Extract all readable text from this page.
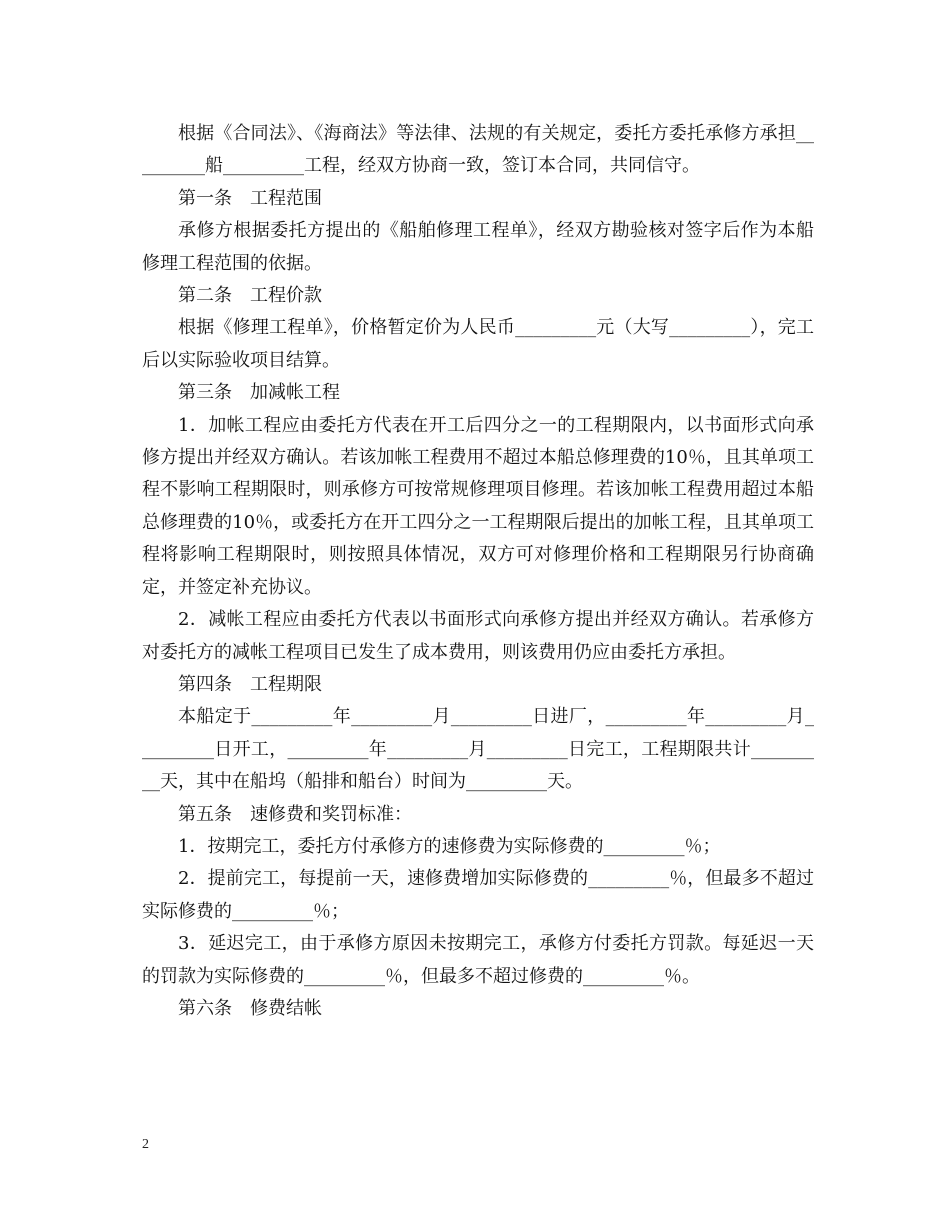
根据《合同法》、《海商法》等法律、法规的有关规定，委托方委托承修方承担_________船_________工程，经双方协商一致，签订本合同，共同信守。

第一条　工程范围

承修方根据委托方提出的《船舶修理工程单》，经双方勘验核对签字后作为本船修理工程范围的依据。

第二条　工程价款

根据《修理工程单》，价格暂定价为人民币_________元（大写_________），完工后以实际验收项目结算。

第三条　加减帐工程

1．加帐工程应由委托方代表在开工后四分之一的工程期限内，以书面形式向承修方提出并经双方确认。若该加帐工程费用不超过本船总修理费的10％，且其单项工程不影响工程期限时，则承修方可按常规修理项目修理。若该加帐工程费用超过本船总修理费的10％，或委托方在开工四分之一工程期限后提出的加帐工程，且其单项工程将影响工程期限时，则按照具体情况，双方可对修理价格和工程期限另行协商确定，并签定补充协议。

2．减帐工程应由委托方代表以书面形式向承修方提出并经双方确认。若承修方对委托方的减帐工程项目已发生了成本费用，则该费用仍应由委托方承担。

第四条　工程期限

本船定于_________年_________月_________日进厂，_________年_________月_________日开工，_________年_________月_________日完工，工程期限共计_________天，其中在船坞（船排和船台）时间为_________天。

第五条　速修费和奖罚标准：

1．按期完工，委托方付承修方的速修费为实际修费的_________％；

2．提前完工，每提前一天，速修费增加实际修费的_________％，但最多不超过实际修费的_________％；

3．延迟完工，由于承修方原因未按期完工，承修方付委托方罚款。每延迟一天的罚款为实际修费的_________％，但最多不超过修费的_________％。

第六条　修费结帐

2
